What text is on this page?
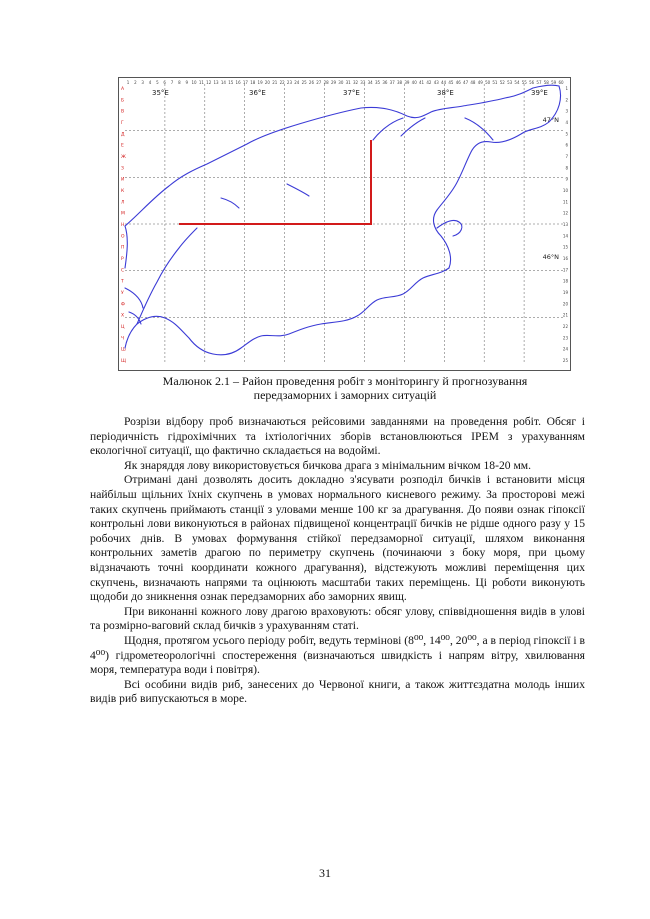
1 2 3 4 5 6 7 8 9 10 11 12 13 14 15 16 17 18 19 20 21 22 23 24 25 26 27 28 29 30 31 32 33 34 35 36 37 38 39 40 41 42 43 44 45 46 47 48 49 50 51 52 53 54 55 56 57 58 59 60
A
Б
В
Г
Д
Е
Ж
З
И
К
Л
М
Н
О
П
Р
С
Т
У
Ф
Х
Ц
Ч
Ш
Щ
1
2
3
4
5
6
7
8
9
10
11
12
13
14
15
16
17
18
19
20
21
22
23
24
25
35°E	36°E	37°E	38°E	39°E
47°N
46°N
Малюнок 2.1 – Район проведення робіт з моніторингу й прогнозування
передзаморних і заморних ситуацій

Розрізи відбору проб визначаються рейсовими завданнями на проведення робіт. Обсяг і періодичність гідрохімічних та іхтіологічних зборів встановлюються ІРЕМ з урахуванням екологічної ситуації, що фактично складається на водоймі.

Як знаряддя лову використовується бичкова драга з мінімальним вічком 18-20 мм.

Отримані дані дозволять досить докладно з'ясувати розподіл бичків і встановити місця найбільш щільних їхніх скупчень в умовах нормального кисневого режиму. За просторові межі таких скупчень приймають станції з уловами менше 100 кг за драгування. До появи ознак гіпоксії контрольні лови виконуються в районах підвищеної концентрації бичків не рідше одного разу у 15 робочих днів. В умовах формування стійкої передзаморної ситуації, шляхом виконання контрольних заметів драгою по периметру скупчень (починаючи з боку моря, при цьому відзначають точні координати кожного драгування), відстежують можливі переміщення цих скупчень, визначають напрями та оцінюють масштаби таких переміщень. Ці роботи виконують щодоби до зникнення ознак передзаморних або заморних явищ.

При виконанні кожного лову драгою враховують: обсяг улову, співвідношення видів в улові та розмірно-ваговий склад бичків з урахуванням статі.

Щодня, протягом усього періоду робіт, ведуть термінові (8⁰⁰, 14⁰⁰, 20⁰⁰, а в період гіпоксії і в 4⁰⁰) гідрометеорологічні спостереження (визначаються швидкість і напрям вітру, хвилювання моря, температура води і повітря).

Всі особини видів риб, занесених до Червоної книги, а також життєздатна молодь інших видів риб випускаються в море.

31
